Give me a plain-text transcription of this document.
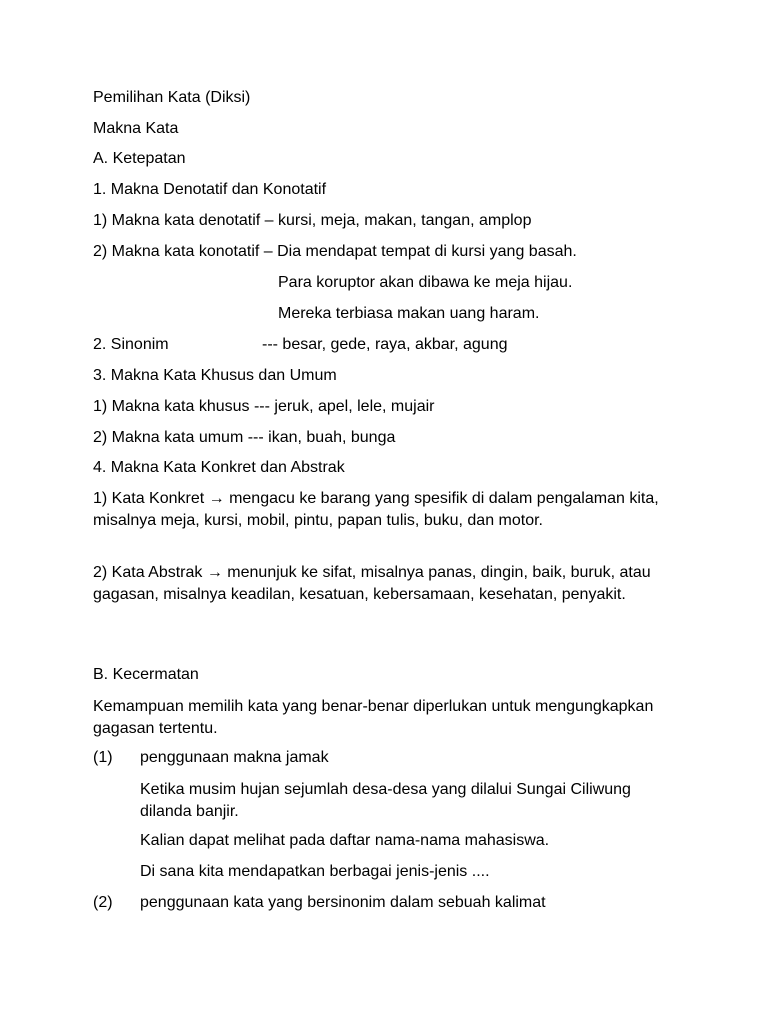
Pemilihan Kata (Diksi)
Makna Kata
A. Ketepatan
1. Makna Denotatif dan Konotatif
1) Makna kata denotatif – kursi, meja, makan, tangan, amplop
2) Makna kata konotatif – Dia mendapat tempat di kursi yang basah.
Para koruptor akan dibawa ke meja hijau.
Mereka terbiasa makan uang haram.
2. Sinonim	--- besar, gede, raya, akbar, agung
3. Makna Kata Khusus dan Umum
1) Makna kata khusus --- jeruk, apel, lele, mujair
2) Makna kata umum --- ikan, buah, bunga
4. Makna Kata Konkret dan Abstrak
1) Kata Konkret → mengacu ke barang yang spesifik di dalam pengalaman kita, misalnya meja, kursi, mobil, pintu, papan tulis, buku, dan motor.
2) Kata Abstrak → menunjuk ke sifat, misalnya panas, dingin, baik, buruk, atau gagasan, misalnya keadilan, kesatuan, kebersamaan, kesehatan, penyakit.
B. Kecermatan
Kemampuan memilih kata yang benar-benar diperlukan untuk mengungkapkan gagasan tertentu.
(1) penggunaan makna jamak
Ketika musim hujan sejumlah desa-desa yang dilalui Sungai Ciliwung dilanda banjir.
Kalian dapat melihat pada daftar nama-nama mahasiswa.
Di sana kita mendapatkan berbagai jenis-jenis ....
(2) penggunaan kata yang bersinonim dalam sebuah kalimat
